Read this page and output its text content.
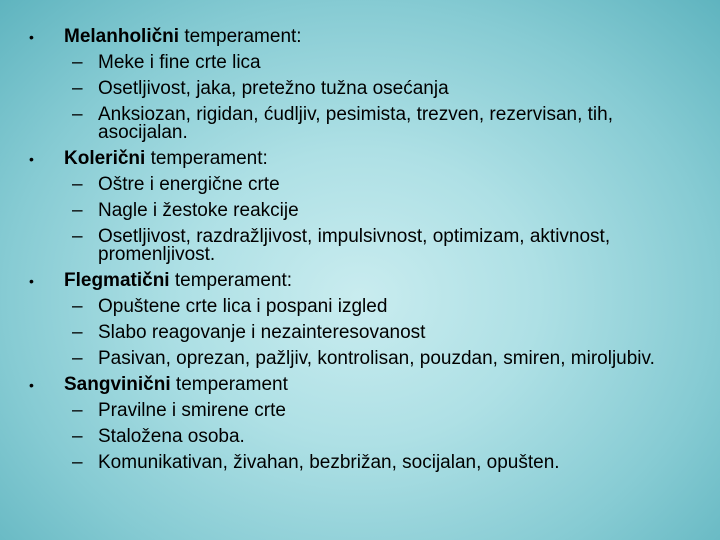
• Melanholični temperament:
– Meke i fine crte lica
– Osetljivost, jaka, pretežno tužna osećanja
– Anksiozan, rigidan, ćudljiv, pesimista, trezven, rezervisan, tih, asocijalan.
• Kolerični temperament:
– Oštre i energične crte
– Nagle i žestoke reakcije
– Osetljivost, razdražljivost, impulsivnost, optimizam, aktivnost, promenljivost.
• Flegmatični temperament:
– Opuštene crte lica i pospani izgled
– Slabo reagovanje i nezainteresovanost
– Pasivan, oprezan, pažljiv, kontrolisan, pouzdan, smiren, miroljubiv.
• Sangvinični temperament
– Pravilne i smirene crte
– Staložena osoba.
– Komunikativan, živahan, bezbrižan, socijalan, opušten.
